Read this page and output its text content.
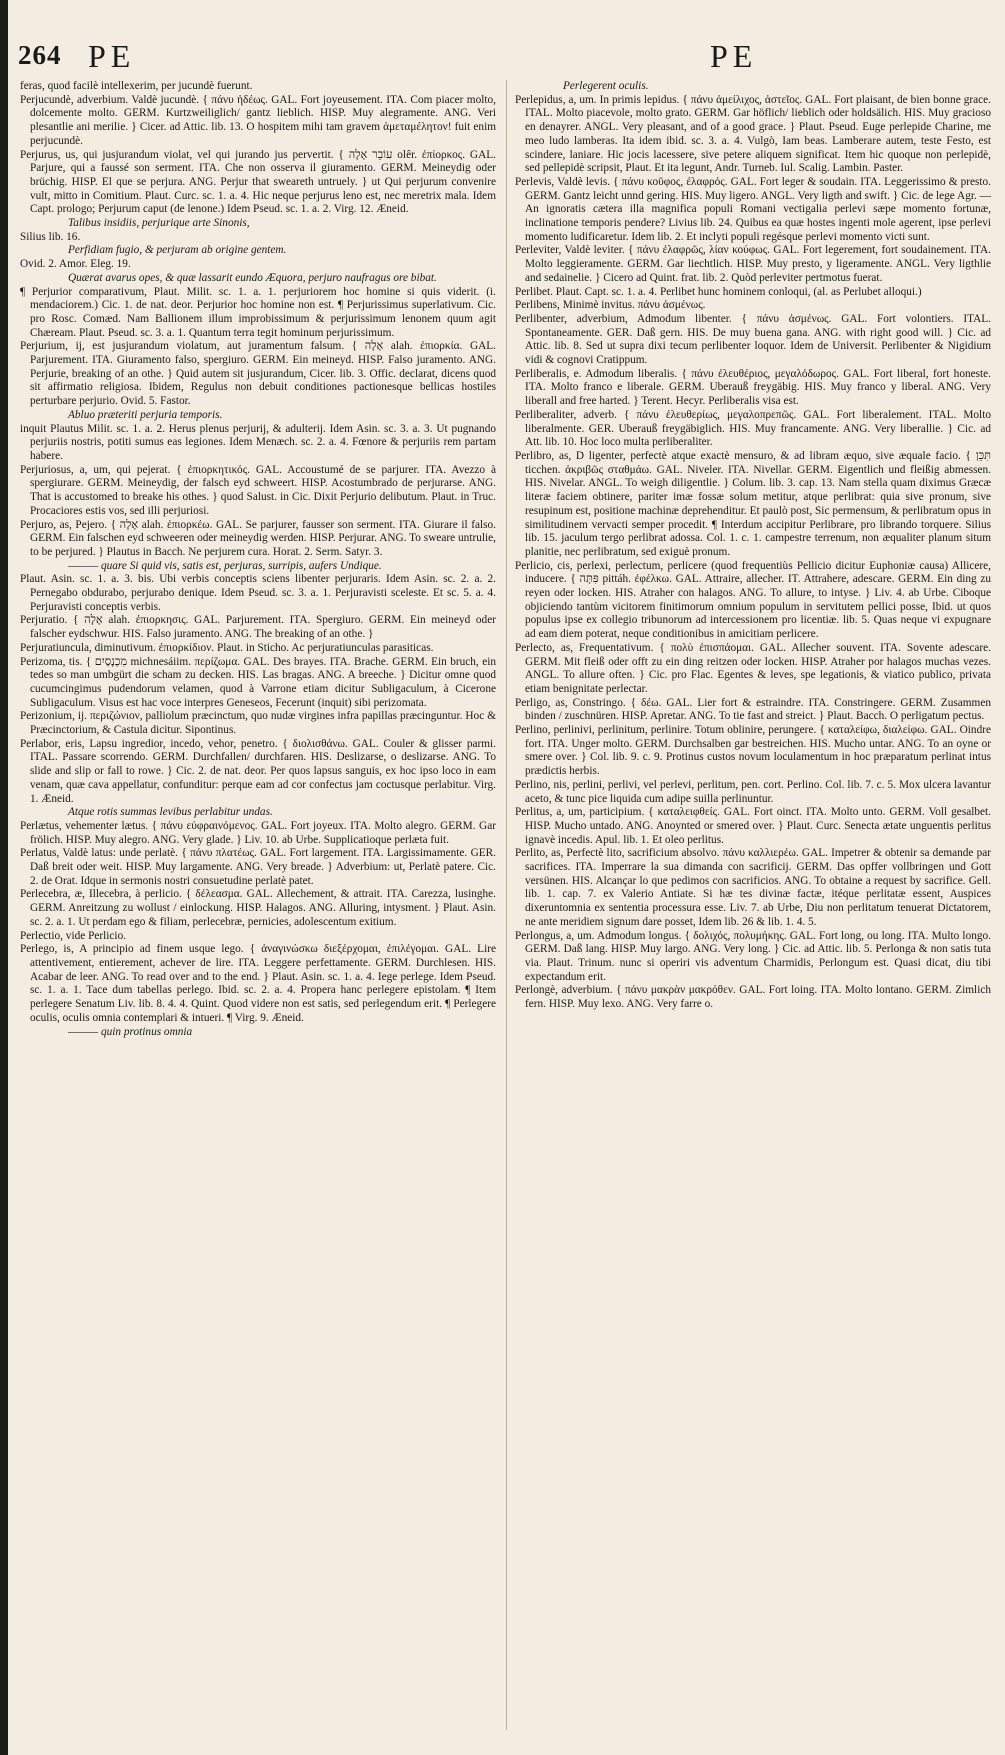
264 PE	PE

feras, quod facilè intellexerim, per jucundè fuerunt.

Perjucundè, adverbium. Valdè jucundè. { πάνυ ἡδέως. GAL. Fort joyeusement. ITA. Com piacer molto, dolcemente molto. GERM. Kurtzweiliglich/ gantz lieblich. HISP. Muy alegramente. ANG. Veri plesantlie ani merilie. } Cicer. ad Attic. lib. 13. O hospitem mihi tam gravem ἀμεταμέλητον! fuit enim perjucundè.

Perjurus, us, qui jusjurandum violat, vel qui jurando jus pervertit. { עוֹבֵר אָלָה olêr. ἐπίορκος. GAL. Parjure, qui a faussé son serment. ITA. Che non osserva il giuramento. GERM. Meineydig oder brüchig. HISP. El que se perjura. ANG. Perjur that sweareth untruely. } ut Qui perjurum convenire vult, mitto in Comitium. Plaut. Curc. sc. 1. a. 4. Hic neque perjurus leno est, nec meretrix mala. Idem Capt. prologo; Perjurum caput (de lenone.) Idem Pseud. sc. 1. a. 2. Virg. 12. Æneid.

Talibus insidiis, perjurique arte Sinonis,

Silius lib. 16.

Perfidiam fugio, & perjuram ab origine gentem.

Ovid. 2. Amor. Eleg. 19.

Quærat avarus opes, & quæ lassarit eundo Æquora, perjuro naufragus ore bibat.

¶ Perjurior comparativum, Plaut. Milit. sc. 1. a. 1. perjuriorem hoc homine si quis viderit. (i. mendaciorem.) Cic. 1. de nat. deor. Perjurior hoc homine non est. ¶ Perjurissimus superlativum. Cic. pro Rosc. Comæd. Nam Ballionem illum improbissimum & perjurissimum lenonem quum agit Chæream. Plaut. Pseud. sc. 3. a. 1. Quantum terra tegit hominum perjurissimum.

Perjurium, ij, est jusjurandum violatum, aut juramentum falsum. { אָלָה alah. ἐπιορκία. GAL. Parjurement. ITA. Giuramento falso, spergiuro. GERM. Ein meineyd. HISP. Falso juramento. ANG. Perjurie, breaking of an othe. } Quid autem sit jusjurandum, Cicer. lib. 3. Offic. declarat, dicens quod sit affirmatio religiosa. Ibidem, Regulus non debuit conditiones pactionesque bellicas hostiles perturbare perjurio. Ovid. 5. Fastor.

Abluo præteriti perjuria temporis.

inquit Plautus Milit. sc. 1. a. 2. Herus plenus perjurij, & adulterij. Idem Asin. sc. 3. a. 3. Ut pugnando perjuriis nostris, potiti sumus eas legiones. Idem Menæch. sc. 2. a. 4. Fœnore & perjuriis rem partam habere.

Perjuriosus, a, um, qui pejerat. { ἐπιορκητικός. GAL. Accoustumé de se parjurer. ITA. Avezzo à spergiurare. GERM. Meineydig, der falsch eyd schweert. HISP. Acostumbrado de perjurarse. ANG. That is accustomed to breake his othes. } quod Salust. in Cic. Dixit Perjurio delibutum. Plaut. in Truc. Procaciores estis vos, sed illi perjuriosi.

Perjuro, as, Pejero. { אָלָה alah. ἐπιορκέω. GAL. Se parjurer, fausser son serment. ITA. Giurare il falso. GERM. Ein falschen eyd schweeren oder meineydig werden. HISP. Perjurar. ANG. To sweare untrulie, to be perjured. } Plautus in Bacch. Ne perjurem cura. Horat. 2. Serm. Satyr. 3.

——— quare Si quid vis, satis est, perjuras, surripis, aufers Undique.

Plaut. Asin. sc. 1. a. 3. bis. Ubi verbis conceptis sciens libenter perjuraris. Idem Asin. sc. 2. a. 2. Pernegabo obdurabo, perjurabo denique. Idem Pseud. sc. 3. a. 1. Perjuravisti sceleste. Et sc. 5. a. 4. Perjuravisti conceptis verbis.

Perjuratio. { אָלָה alah. ἐπιορκησις. GAL. Parjurement. ITA. Spergiuro. GERM. Ein meineyd oder falscher eydschwur. HIS. Falso juramento. ANG. The breaking of an othe. }

Perjuratiuncula, diminutivum. ἐπιορκίδιον. Plaut. in Sticho. Ac perjuratiunculas parasiticas.

Perizoma, tis. { מִכְנָסַיִם michnesáiim. περίζωμα. GAL. Des brayes. ITA. Brache. GERM. Ein bruch, ein tedes so man umbgürt die scham zu decken. HIS. Las bragas. ANG. A breeche. } Dicitur omne quod cucumcingimus pudendorum velamen, quod à Varrone etiam dicitur Subligaculum, à Cicerone Subligaculum. Visus est hac voce interpres Geneseos, Fecerunt (inquit) sibi perizomata.

Perizonium, ij. περιζώνιον, palliolum præcinctum, quo nudæ virgines infra papillas præcinguntur. Hoc & Præcinctorium, & Castula dicitur. Sipontinus.

Perlabor, eris, Lapsu ingredior, incedo, vehor, penetro. { διολισθάνω. GAL. Couler & glisser parmi. ITAL. Passare scorrendo. GERM. Durchfallen/ durchfaren. HIS. Deslizarse, o deslizarse. ANG. To slide and slip or fall to rowe. } Cic. 2. de nat. deor. Per quos lapsus sanguis, ex hoc ipso loco in eam venam, quæ cava appellatur, confunditur: perque eam ad cor confectus jam coctusque perlabitur. Virg. 1. Æneid.

Atque rotis summas levibus perlabitur undas.

Perlætus, vehementer lætus. { πάνυ εὐφραινόμενος. GAL. Fort joyeux. ITA. Molto alegro. GERM. Gar frölich. HISP. Muy alegro. ANG. Very glade. } Liv. 10. ab Urbe. Supplicatioque perlæta fuit.

Perlatus, Valdè latus: unde perlatè. { πάνυ πλατέως. GAL. Fort largement. ITA. Largissimamente. GER. Daß breit oder weit. HISP. Muy largamente. ANG. Very breade. } Adverbium: ut, Perlatè patere. Cic. 2. de Orat. Idque in sermonis nostri consuetudine perlatè patet.

Perlecebra, æ, Illecebra, à perlicio. { δέλεασμα. GAL. Allechement, & attrait. ITA. Carezza, lusinghe. GERM. Anreitzung zu wollust / einlockung. HISP. Halagos. ANG. Alluring, intysment. } Plaut. Asin. sc. 2. a. 1. Ut perdam ego & filiam, perlecebræ, pernicies, adolescentum exitium.

Perlectio, vide Perlicio.

Perlego, is, A principio ad finem usque lego. { ἀναγινώσκω διεξέρχομαι, ἐπιλέγομαι. GAL. Lire attentivement, entierement, achever de lire. ITA. Leggere perfettamente. GERM. Durchlesen. HIS. Acabar de leer. ANG. To read over and to the end. } Plaut. Asin. sc. 1. a. 4. Iege perlege. Idem Pseud. sc. 1. a. 1. Tace dum tabellas perlego. Ibid. sc. 2. a. 4. Propera hanc perlegere epistolam. ¶ Item perlegere Senatum Liv. lib. 8. 4. 4. Quint. Quod videre non est satis, sed perlegendum erit. ¶ Perlegere oculis, oculis omnia contemplari & intueri. ¶ Virg. 9. Æneid.

——— quin protinus omnia

Perlegerent oculis.

Perlepidus, a, um. In primis lepidus. { πάνυ ἀμείλιχος, ἀστεῖος. GAL. Fort plaisant, de bien bonne grace. ITAL. Molto piacevole, molto grato. GERM. Gar höflich/ lieblich oder holdsälich. HIS. Muy gracioso en denayrer. ANGL. Very pleasant, and of a good grace. } Plaut. Pseud. Euge perlepide Charine, me meo ludo lamberas. Ita idem ibid. sc. 3. a. 4. Vulgò, Iam beas. Lamberare autem, teste Festo, est scindere, laniare. Hic jocis lacessere, sive petere aliquem significat. Item hic quoque non perlepidè, sed pellepidè scripsit, Plaut. Et ita legunt, Andr. Turneb. Iul. Scalig. Lambin. Paster.

Perlevis, Valdè levis. { πάνυ κοῦφος, ἐλαφρός. GAL. Fort leger & soudain. ITA. Leggerissimo & presto. GERM. Gantz leicht unnd gering. HIS. Muy ligero. ANGL. Very ligth and swift. } Cic. de lege Agr. — An ignoratis cætera illa magnifica populi Romani vectigalia perlevi sæpe momento fortunæ, inclinatione temporis pendere? Livius lib. 24. Quibus ea quæ hostes ingenti mole agerent, ipse perlevi momento ludificaretur. Idem lib. 2. Et inclyti populi regésque perlevi momento victi sunt.

Perleviter, Valdè leviter. { πάνυ ἐλαφρῶς, λίαν κούφως. GAL. Fort legerement, fort soudainement. ITA. Molto leggieramente. GERM. Gar liechtlich. HISP. Muy presto, y ligeramente. ANGL. Very ligthlie and sedainelie. } Cicero ad Quint. frat. lib. 2. Quòd perleviter pertmotus fuerat.

Perlibet. Plaut. Capt. sc. 1. a. 4. Perlibet hunc hominem conloqui, (al. as Perlubet alloqui.)

Perlibens, Minimè invitus. πάνυ ἀσμένως.

Perlibenter, adverbium, Admodum libenter. { πάνυ ἀσμένως. GAL. Fort volontiers. ITAL. Spontaneamente. GER. Daß gern. HIS. De muy buena gana. ANG. with right good will. } Cic. ad Attic. lib. 8. Sed ut supra dixi tecum perlibenter loquor. Idem de Universit. Perlibenter & Nigidium vidi & cognovi Cratippum.

Perliberalis, e. Admodum liberalis. { πάνυ ἐλευθέριος, μεγαλόδωρος. GAL. Fort liberal, fort honeste. ITA. Molto franco e liberale. GERM. Uberauß freygäbig. HIS. Muy franco y liberal. ANG. Very liberall and free harted. } Terent. Hecyr. Perliberalis visa est.

Perliberaliter, adverb. { πάνυ ἐλευθερίως, μεγαλοπρεπῶς. GAL. Fort liberalement. ITAL. Molto liberalmente. GER. Uberauß freygäbiglich. HIS. Muy francamente. ANG. Very liberallie. } Cic. ad Att. lib. 10. Hoc loco multa perliberaliter.

Perlibro, as, D ligenter, perfectè atque exactè mensuro, & ad libram æquo, sive æquale facio. { תִּכֵּן ticchen. ἀκριβῶς σταθμάω. GAL. Niveler. ITA. Nivellar. GERM. Eigentlich und fleißig abmessen. HIS. Nivelar. ANGL. To weigh diligentlie. } Colum. lib. 3. cap. 13. Nam stella quam diximus Græcæ literæ faciem obtinere, pariter imæ fossæ solum metitur, atque perlibrat: quia sive pronum, sive resupinum est, positione machinæ deprehenditur. Et paulò post, Sic permensum, & perlibratum opus in similitudinem vervacti semper procedit. ¶ Interdum accipitur Perlibrare, pro librando torquere. Silius lib. 15. jaculum tergo perlibrat adossa. Col. 1. c. 1. campestre terrenum, non æqualiter planum situm planitie, nec perlibratum, sed exiguè pronum.

Perlicio, cis, perlexi, perlectum, perlicere (quod frequentiùs Pellicio dicitur Euphoniæ causa) Allicere, inducere. { פִּתָּה pittáh. ἐφέλκω. GAL. Attraire, allecher. IT. Attrahere, adescare. GERM. Ein ding zu reyen oder locken. HIS. Atraher con halagos. ANG. To allure, to intyse. } Liv. 4. ab Urbe. Ciboque objiciendo tantùm vicitorem finitimorum omnium populum in servitutem pellici posse, Ibid. ut quos populus ipse ex collegio tribunorum ad intercessionem pro licentiæ. lib. 5. Quas neque vi expugnare ad eam diem poterat, neque conditionibus in amicitiam perlicere.

Perlecto, as, Frequentativum. { πολὺ ἐπισπάομαι. GAL. Allecher souvent. ITA. Sovente adescare. GERM. Mit fleiß oder offt zu ein ding reitzen oder locken. HISP. Atraher por halagos muchas vezes. ANGL. To allure often. } Cic. pro Flac. Egentes & leves, spe legationis, & viatico publico, privata etiam benignitate perlectar.

Perligo, as, Constringo. { δέω. GAL. Lier fort & estraindre. ITA. Constringere. GERM. Zusammen binden / zuschnüren. HISP. Apretar. ANG. To tie fast and streict. } Plaut. Bacch. O perligatum pectus.

Perlino, perlinivi, perlinitum, perlinire. Totum oblinire, perungere. { καταλείφω, διαλείφω. GAL. Oindre fort. ITA. Unger molto. GERM. Durchsalben gar bestreichen. HIS. Mucho untar. ANG. To an oyne or smere over. } Col. lib. 9. c. 9. Protinus custos novum loculamentum in hoc præparatum perlinat intus prædictis herbis.

Perlino, nis, perlini, perlivi, vel perlevi, perlitum, pen. cort. Perlino. Col. lib. 7. c. 5. Mox ulcera lavantur aceto, & tunc pice liquida cum adipe suilla perlinuntur.

Perlitus, a, um, participium. { καταλειφθείς. GAL. Fort oinct. ITA. Molto unto. GERM. Voll gesalbet. HISP. Mucho untado. ANG. Anoynted or smered over. } Plaut. Curc. Senecta ætate unguentis perlitus ignavè incedis. Apul. lib. 1. Et oleo perlitus.

Perlito, as, Perfectè lito, sacrificium absolvo. πάνυ καλλιερέω. GAL. Impetrer & obtenir sa demande par sacrifices. ITA. Imperrare la sua dimanda con sacrificij. GERM. Das opffer vollbringen und Gott versünen. HIS. Alcançar lo que pedimos con sacrificios. ANG. To obtaine a request by sacrifice. Gell. lib. 1. cap. 7. ex Valerio Antiate. Si hæ tes divinæ factæ, itéque perlitatæ essent, Auspices dixeruntomnia ex sententia processura esse. Liv. 7. ab Urbe, Diu non perlitatum tenuerat Dictatorem, ne ante meridiem signum dare posset, Idem lib. 26 & lib. 1. 4. 5.

Perlongus, a, um. Admodum longus. { δολιχός, πολυμήκης. GAL. Fort long, ou long. ITA. Multo longo. GERM. Daß lang. HISP. Muy largo. ANG. Very long. } Cic. ad Attic. lib. 5. Perlonga & non satis tuta via. Plaut. Trinum. nunc si operiri vis adventum Charmidis, Perlongum est. Quasi dicat, diu tibi expectandum erit.

Perlongè, adverbium. { πάνυ μακρὰν μακρόθεν. GAL. Fort loing. ITA. Molto lontano. GERM. Zimlich fern. HISP. Muy lexo. ANG. Very farre o.
